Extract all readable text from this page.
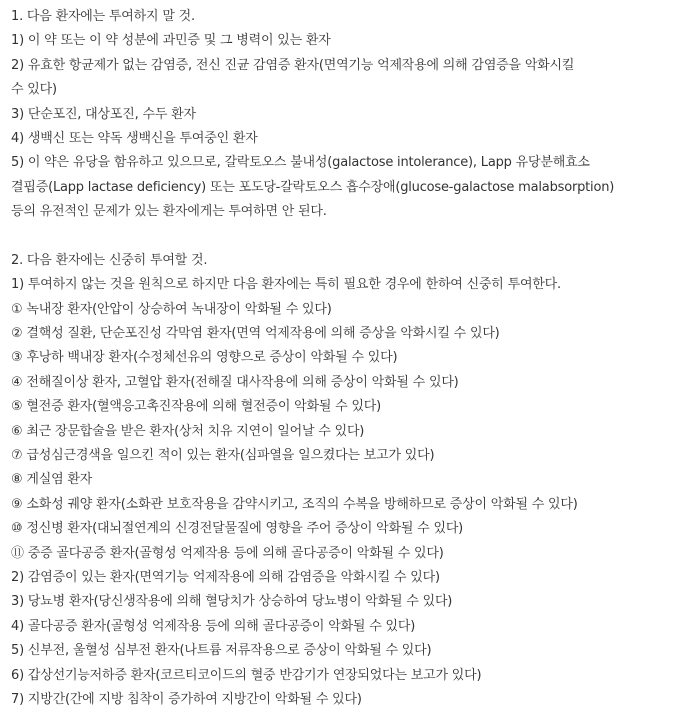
1. 다음 환자에는 투여하지 말 것.
1) 이 약 또는 이 약 성분에 과민증 및 그 병력이 있는 환자
2) 유효한 항균제가 없는 감염증, 전신 진균 감염증 환자(면역기능 억제작용에 의해 감염증을 악화시킬
수 있다)
3) 단순포진, 대상포진, 수두 환자
4) 생백신 또는 약독 생백신을 투여중인 환자
5) 이 약은 유당을 함유하고 있으므로, 갈락토오스 불내성(galactose intolerance), Lapp 유당분해효소
결핍증(Lapp lactase deficiency) 또는 포도당-갈락토오스 흡수장애(glucose-galactose malabsorption)
등의 유전적인 문제가 있는 환자에게는 투여하면 안 된다.
2. 다음 환자에는 신중히 투여할 것.
1) 투여하지 않는 것을 원칙으로 하지만 다음 환자에는 특히 필요한 경우에 한하여 신중히 투여한다.
① 녹내장 환자(안압이 상승하여 녹내장이 악화될 수 있다)
② 결핵성 질환, 단순포진성 각막염 환자(면역 억제작용에 의해 증상을 악화시킬 수 있다)
③ 후낭하 백내장 환자(수정체선유의 영향으로 증상이 악화될 수 있다)
④ 전해질이상 환자, 고혈압 환자(전해질 대사작용에 의해 증상이 악화될 수 있다)
⑤ 혈전증 환자(혈액응고촉진작용에 의해 혈전증이 악화될 수 있다)
⑥ 최근 장문합술을 받은 환자(상처 치유 지연이 일어날 수 있다)
⑦ 급성심근경색을 일으킨 적이 있는 환자(심파열을 일으켰다는 보고가 있다)
⑧ 게실염 환자
⑨ 소화성 궤양 환자(소화관 보호작용을 감약시키고, 조직의 수복을 방해하므로 증상이 악화될 수 있다)
⑩ 정신병 환자(대뇌절연계의 신경전달물질에 영향을 주어 증상이 악화될 수 있다)
⑪ 중증 골다공증 환자(골형성 억제작용 등에 의해 골다공증이 악화될 수 있다)
2) 감염증이 있는 환자(면역기능 억제작용에 의해 감염증을 악화시킬 수 있다)
3) 당뇨병 환자(당신생작용에 의해 혈당치가 상승하여 당뇨병이 악화될 수 있다)
4) 골다공증 환자(골형성 억제작용 등에 의해 골다공증이 악화될 수 있다)
5) 신부전, 울혈성 심부전 환자(나트륨 저류작용으로 증상이 악화될 수 있다)
6) 갑상선기능저하증 환자(코르티코이드의 혈중 반감기가 연장되었다는 보고가 있다)
7) 지방간(간에 지방 침착이 증가하여 지방간이 악화될 수 있다)
